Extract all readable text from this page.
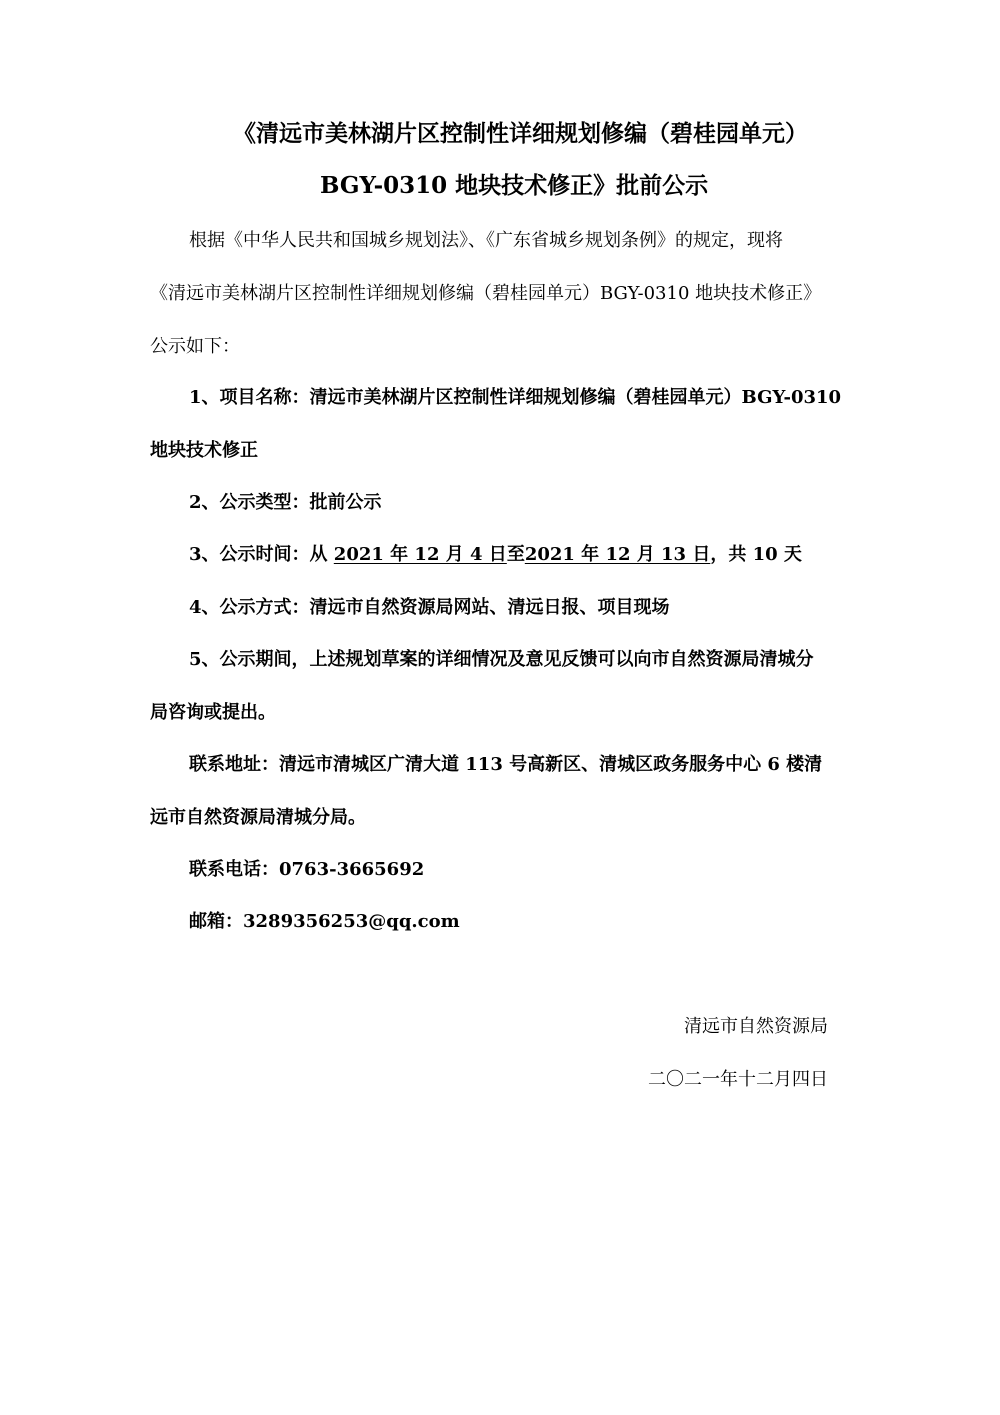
《清远市美林湖片区控制性详细规划修编（碧桂园单元）
BGY-0310 地块技术修正》批前公示
根据《中华人民共和国城乡规划法》、《广东省城乡规划条例》的规定，现将
《清远市美林湖片区控制性详细规划修编（碧桂园单元）BGY-0310 地块技术修正》
公示如下：
1、项目名称：清远市美林湖片区控制性详细规划修编（碧桂园单元）BGY-0310
地块技术修正
2、公示类型：批前公示
3、公示时间：从 2021 年 12 月 4 日至2021 年 12 月 13 日，共 10 天
4、公示方式：清远市自然资源局网站、清远日报、项目现场
5、公示期间，上述规划草案的详细情况及意见反馈可以向市自然资源局清城分
局咨询或提出。
联系地址：清远市清城区广清大道 113 号高新区、清城区政务服务中心 6 楼清
远市自然资源局清城分局。
联系电话：0763-3665692
邮箱：3289356253@qq.com
清远市自然资源局
二〇二一年十二月四日
